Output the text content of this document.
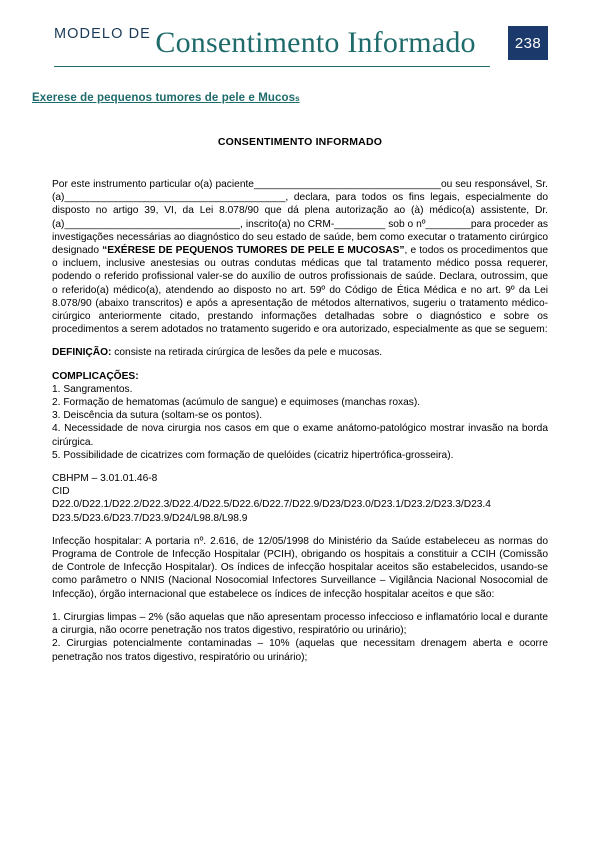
MODELO DE Consentimento Informado	238
Exerese de pequenos tumores de pele e Mucoss
CONSENTIMENTO INFORMADO
Por este instrumento particular o(a) paciente_________________________________ou seu responsável, Sr.(a)_______________________________________, declara, para todos os fins legais, especialmente do disposto no artigo 39, VI, da Lei 8.078/90 que dá plena autorização ao (à) médico(a) assistente, Dr.(a)_______________________________, inscrito(a) no CRM-_________ sob o nº________para proceder as investigações necessárias ao diagnóstico do seu estado de saúde, bem como executar o tratamento cirúrgico designado “EXÉRESE DE PEQUENOS TUMORES DE PELE E MUCOSAS”, e todos os procedimentos que o incluem, inclusive anestesias ou outras condutas médicas que tal tratamento médico possa requerer, podendo o referido profissional valer-se do auxílio de outros profissionais de saúde. Declara, outrossim, que o referido(a) médico(a), atendendo ao disposto no art. 59º do Código de Ética Médica e no art. 9º da Lei 8.078/90 (abaixo transcritos) e após a apresentação de métodos alternativos, sugeriu o tratamento médico-cirúrgico anteriormente citado, prestando informações detalhadas sobre o diagnóstico e sobre os procedimentos a serem adotados no tratamento sugerido e ora autorizado, especialmente as que se seguem:
DEFINIÇÃO: consiste na retirada cirúrgica de lesões da pele e mucosas.
COMPLICAÇÕES:
1. Sangramentos.
2. Formação de hematomas (acúmulo de sangue) e equimoses (manchas roxas).
3. Deiscência da sutura (soltam-se os pontos).
4. Necessidade de nova cirurgia nos casos em que o exame anátomo-patológico mostrar invasão na borda cirúrgica.
5. Possibilidade de cicatrizes com formação de quelóides (cicatriz hipertrófica-grosseira).
CBHPM – 3.01.01.46-8
CID
D22.0/D22.1/D22.2/D22.3/D22.4/D22.5/D22.6/D22.7/D22.9/D23/D23.0/D23.1/D23.2/D23.3/D23.4
D23.5/D23.6/D23.7/D23.9/D24/L98.8/L98.9
Infecção hospitalar: A portaria nº. 2.616, de 12/05/1998 do Ministério da Saúde estabeleceu as normas do Programa de Controle de Infecção Hospitalar (PCIH), obrigando os hospitais a constituir a CCIH (Comissão de Controle de Infecção Hospitalar). Os índices de infecção hospitalar aceitos são estabelecidos, usando-se como parâmetro o NNIS (Nacional Nosocomial Infectores Surveillance – Vigilância Nacional Nosocomial de Infecção), órgão internacional que estabelece os índices de infecção hospitalar aceitos e que são:
1. Cirurgias limpas – 2% (são aquelas que não apresentam processo infeccioso e inflamatório local e durante a cirurgia, não ocorre penetração nos tratos digestivo, respiratório ou urinário);
2. Cirurgias potencialmente contaminadas – 10% (aquelas que necessitam drenagem aberta e ocorre penetração nos tratos digestivo, respiratório ou urinário);
